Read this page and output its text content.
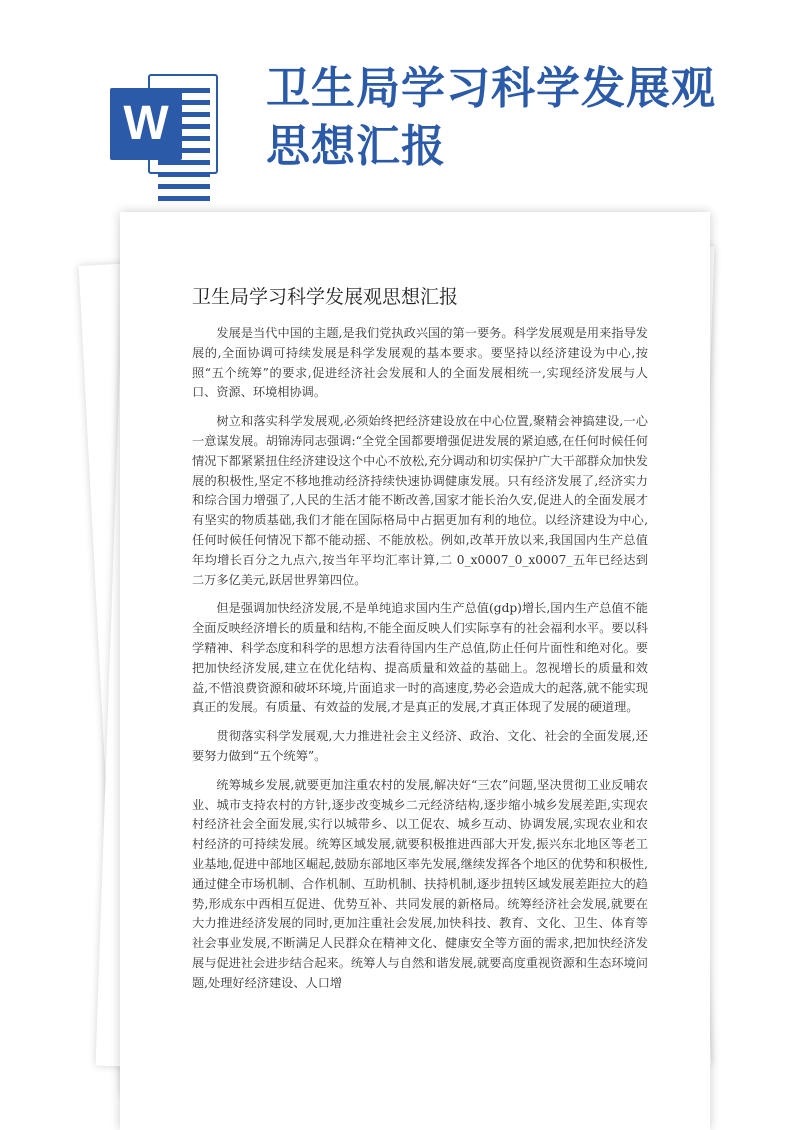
W
卫生局学习科学发展观思想汇报
卫生局学习科学发展观思想汇报

发展是当代中国的主题,是我们党执政兴国的第一要务。科学发展观是用来指导发展的,全面协调可持续发展是科学发展观的基本要求。要坚持以经济建设为中心,按照“五个统筹”的要求,促进经济社会发展和人的全面发展相统一,实现经济发展与人口、资源、环境相协调。

树立和落实科学发展观,必须始终把经济建设放在中心位置,聚精会神搞建设,一心一意谋发展。胡锦涛同志强调:“全党全国都要增强促进发展的紧迫感,在任何时候任何情况下都紧紧扭住经济建设这个中心不放松,充分调动和切实保护广大干部群众加快发展的积极性,坚定不移地推动经济持续快速协调健康发展。只有经济发展了,经济实力和综合国力增强了,人民的生活才能不断改善,国家才能长治久安,促进人的全面发展才有坚实的物质基础,我们才能在国际格局中占据更加有利的地位。以经济建设为中心,任何时候任何情况下都不能动摇、不能放松。例如,改革开放以来,我国国内生产总值年均增长百分之九点六,按当年平均汇率计算,二 0_x0007_0_x0007_五年已经达到二万多亿美元,跃居世界第四位。

但是强调加快经济发展,不是单纯追求国内生产总值(gdp)增长,国内生产总值不能全面反映经济增长的质量和结构,不能全面反映人们实际享有的社会福利水平。要以科学精神、科学态度和科学的思想方法看待国内生产总值,防止任何片面性和绝对化。要把加快经济发展,建立在优化结构、提高质量和效益的基础上。忽视增长的质量和效益,不惜浪费资源和破坏环境,片面追求一时的高速度,势必会造成大的起落,就不能实现真正的发展。有质量、有效益的发展,才是真正的发展,才真正体现了发展的硬道理。

贯彻落实科学发展观,大力推进社会主义经济、政治、文化、社会的全面发展,还要努力做到“五个统筹”。

统筹城乡发展,就要更加注重农村的发展,解决好“三农”问题,坚决贯彻工业反哺农业、城市支持农村的方针,逐步改变城乡二元经济结构,逐步缩小城乡发展差距,实现农村经济社会全面发展,实行以城带乡、以工促农、城乡互动、协调发展,实现农业和农村经济的可持续发展。统筹区域发展,就要积极推进西部大开发,振兴东北地区等老工业基地,促进中部地区崛起,鼓励东部地区率先发展,继续发挥各个地区的优势和积极性,通过健全市场机制、合作机制、互助机制、扶持机制,逐步扭转区域发展差距拉大的趋势,形成东中西相互促进、优势互补、共同发展的新格局。统筹经济社会发展,就要在大力推进经济发展的同时,更加注重社会发展,加快科技、教育、文化、卫生、体育等社会事业发展,不断满足人民群众在精神文化、健康安全等方面的需求,把加快经济发展与促进社会进步结合起来。统筹人与自然和谐发展,就要高度重视资源和生态环境问题,处理好经济建设、人口增
